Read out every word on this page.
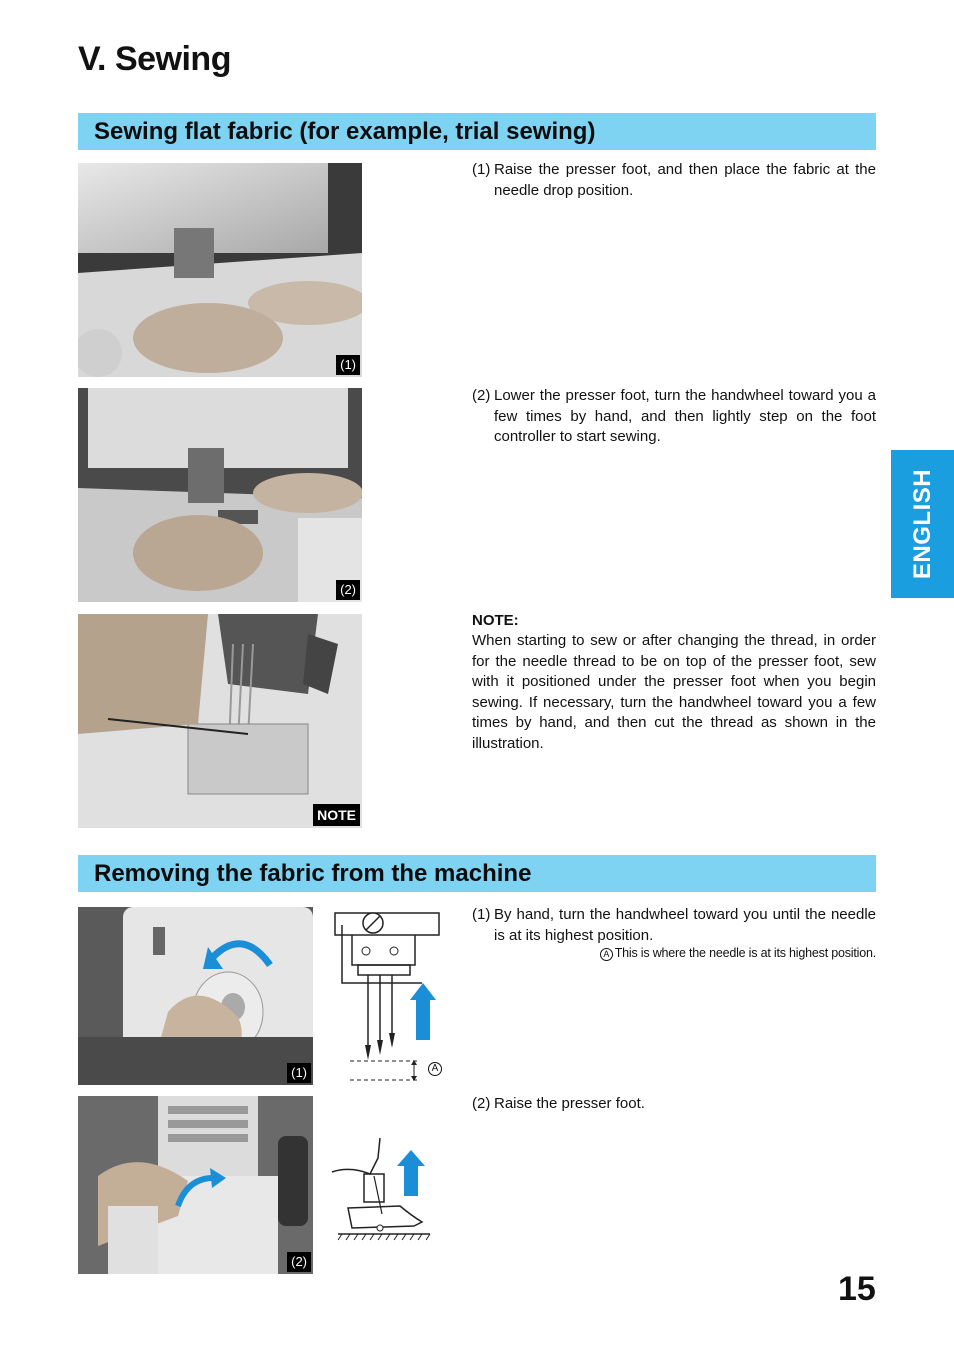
V. Sewing
Sewing flat fabric (for example, trial sewing)
(1)
(2)
NOTE
(1) Raise the presser foot, and then place the fabric at the needle drop position.
(2) Lower the presser foot, turn the handwheel toward you a few times by hand, and then lightly step on the foot controller to start sewing.
NOTE:
When starting to sew or after changing the thread, in order for the needle thread to be on top of the presser foot, sew with it positioned under the presser foot when you begin sewing. If necessary, turn the handwheel toward you a few times by hand, and then cut the thread as shown in the illustration.
ENGLISH
Removing the fabric from the machine
(1)
(2)
A
(1) By hand, turn the handwheel toward you until the needle is at its highest position.
A This is where the needle is at its highest position.
(2) Raise the presser foot.
15
